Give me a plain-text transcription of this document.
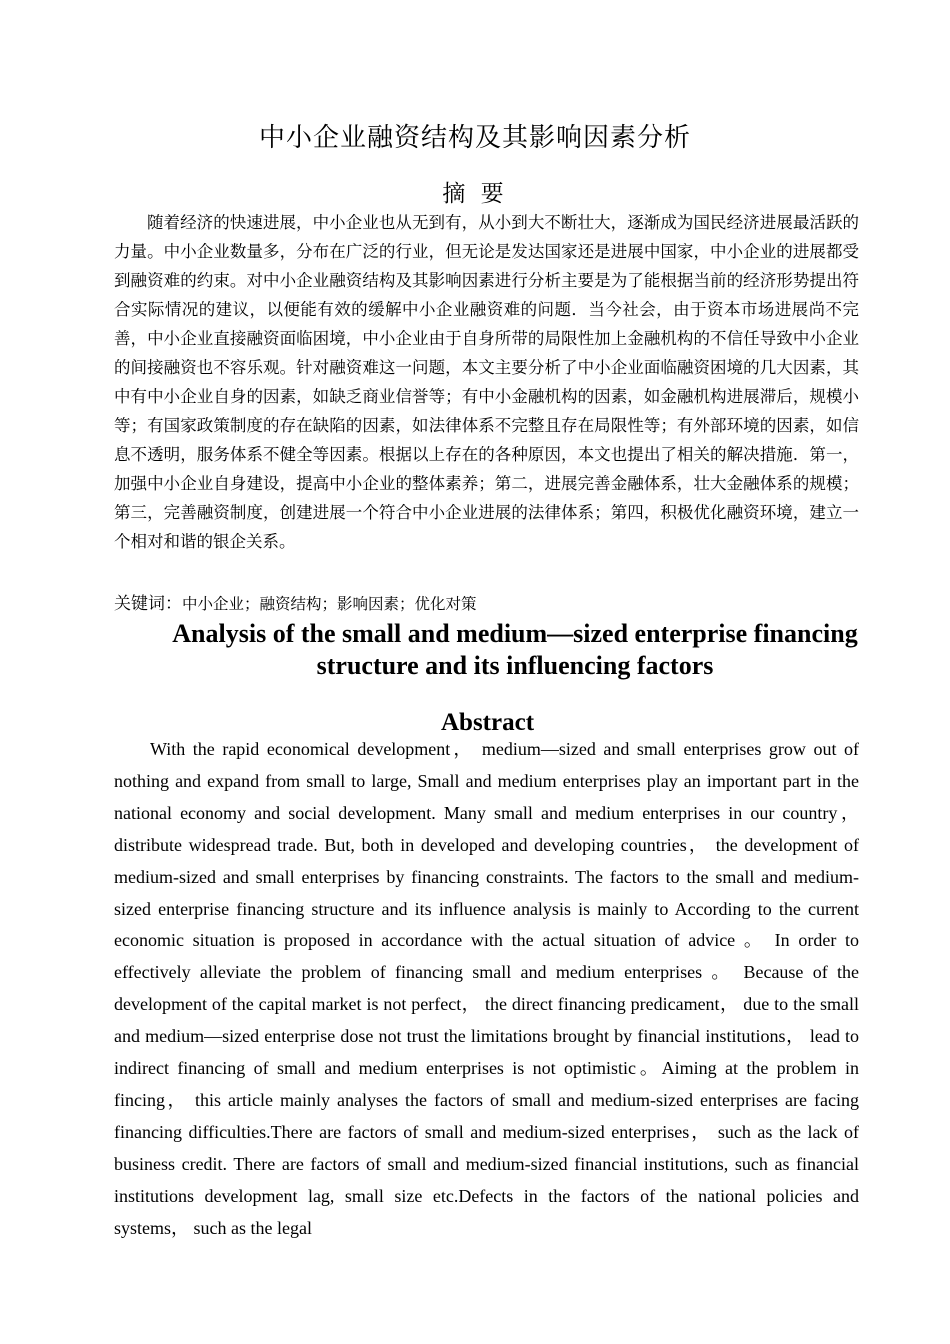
中小企业融资结构及其影响因素分析
摘 要

随着经济的快速进展，中小企业也从无到有，从小到大不断壮大，逐渐成为国民经济进展最活跃的力量。中小企业数量多，分布在广泛的行业，但无论是发达国家还是进展中国家，中小企业的进展都受到融资难的约束。对中小企业融资结构及其影响因素进行分析主要是为了能根据当前的经济形势提出符合实际情况的建议，以便能有效的缓解中小企业融资难的问题．当今社会，由于资本市场进展尚不完善，中小企业直接融资面临困境，中小企业由于自身所带的局限性加上金融机构的不信任导致中小企业的间接融资也不容乐观。针对融资难这一问题，本文主要分析了中小企业面临融资困境的几大因素，其中有中小企业自身的因素，如缺乏商业信誉等；有中小金融机构的因素，如金融机构进展滞后，规模小等；有国家政策制度的存在缺陷的因素，如法律体系不完整且存在局限性等；有外部环境的因素，如信息不透明，服务体系不健全等因素。根据以上存在的各种原因，本文也提出了相关的解决措施．第一，加强中小企业自身建设，提高中小企业的整体素养；第二，进展完善金融体系，壮大金融体系的规模；第三，完善融资制度，创建进展一个符合中小企业进展的法律体系；第四，积极优化融资环境，建立一个相对和谐的银企关系。

关键词：中小企业；融资结构；影响因素；优化对策
Analysis of the small and medium—sized enterprise financing structure and its influencing factors
Abstract

With the rapid economical development， medium—sized and small enterprises grow out of nothing and expand from small to large, Small and medium enterprises play an important part in the national economy and social development. Many small and medium enterprises in our country， distribute widespread trade. But, both in developed and developing countries， the development of medium-sized and small enterprises by financing constraints. The factors to the small and medium-sized enterprise financing structure and its influence analysis is mainly to According to the current economic situation is proposed in accordance with the actual situation of advice 。 In order to effectively alleviate the problem of financing small and medium enterprises 。 Because of the development of the capital market is not perfect， the direct financing predicament， due to the small and medium—sized enterprise dose not trust the limitations brought by financial institutions， lead to indirect financing of small and medium enterprises is not optimistic。Aiming at the problem in fincing， this article mainly analyses the factors of small and medium-sized enterprises are facing financing difficulties.There are factors of small and medium-sized enterprises， such as the lack of business credit. There are factors of small and medium-sized financial institutions, such as financial institutions development lag, small size etc.Defects in the factors of the national policies and systems， such as the legal
